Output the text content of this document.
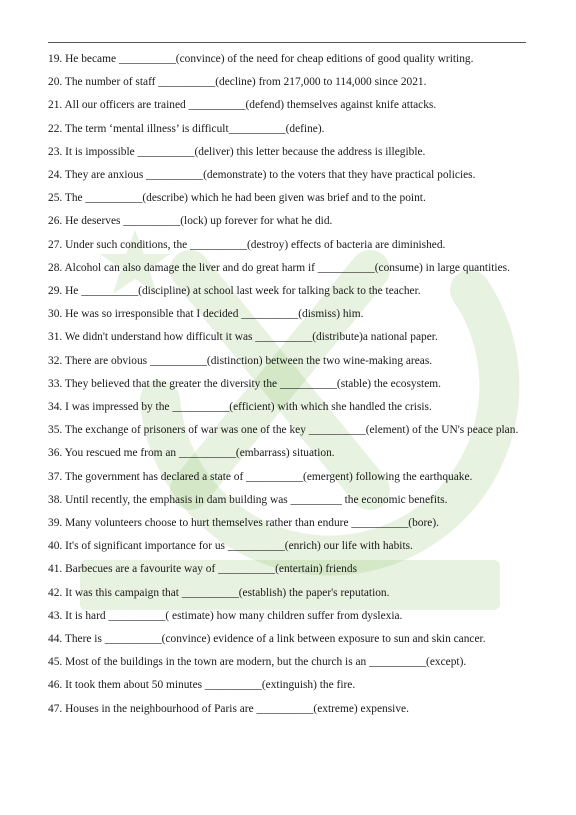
19. He became __________(convince) of the need for cheap editions of good quality writing.
20. The number of staff __________(decline) from 217,000 to 114,000 since 2021.
21. All our officers are trained __________(defend) themselves against knife attacks.
22. The term ‘mental illness’ is difficult__________(define).
23. It is impossible __________(deliver) this letter because the address is illegible.
24. They are anxious __________(demonstrate) to the voters that they have practical policies.
25. The __________(describe) which he had been given was brief and to the point.
26. He deserves __________(lock) up forever for what he did.
27. Under such conditions, the __________(destroy) effects of bacteria are diminished.
28. Alcohol can also damage the liver and do great harm if __________(consume) in large quantities.
29. He __________(discipline) at school last week for talking back to the teacher.
30. He was so irresponsible that I decided __________(dismiss) him.
31. We didn't understand how difficult it was __________(distribute)a national paper.
32. There are obvious __________(distinction) between the two wine-making areas.
33. They believed that the greater the diversity the __________(stable) the ecosystem.
34. I was impressed by the __________(efficient) with which she handled the crisis.
35. The exchange of prisoners of war was one of the key __________(element) of the UN's peace plan.
36. You rescued me from an __________(embarrass) situation.
37. The government has declared a state of __________(emergent) following the earthquake.
38. Until recently, the emphasis in dam building was _________ the economic benefits.
39. Many volunteers choose to hurt themselves rather than endure __________(bore).
40. It's of significant importance for us __________(enrich) our life with habits.
41. Barbecues are a favourite way of __________(entertain) friends
42. It was this campaign that __________(establish) the paper's reputation.
43. It is hard __________( estimate) how many children suffer from dyslexia.
44. There is __________(convince) evidence of a link between exposure to sun and skin cancer.
45. Most of the buildings in the town are modern, but the church is an __________(except).
46. It took them about 50 minutes __________(extinguish) the fire.
47. Houses in the neighbourhood of Paris are __________(extreme) expensive.
